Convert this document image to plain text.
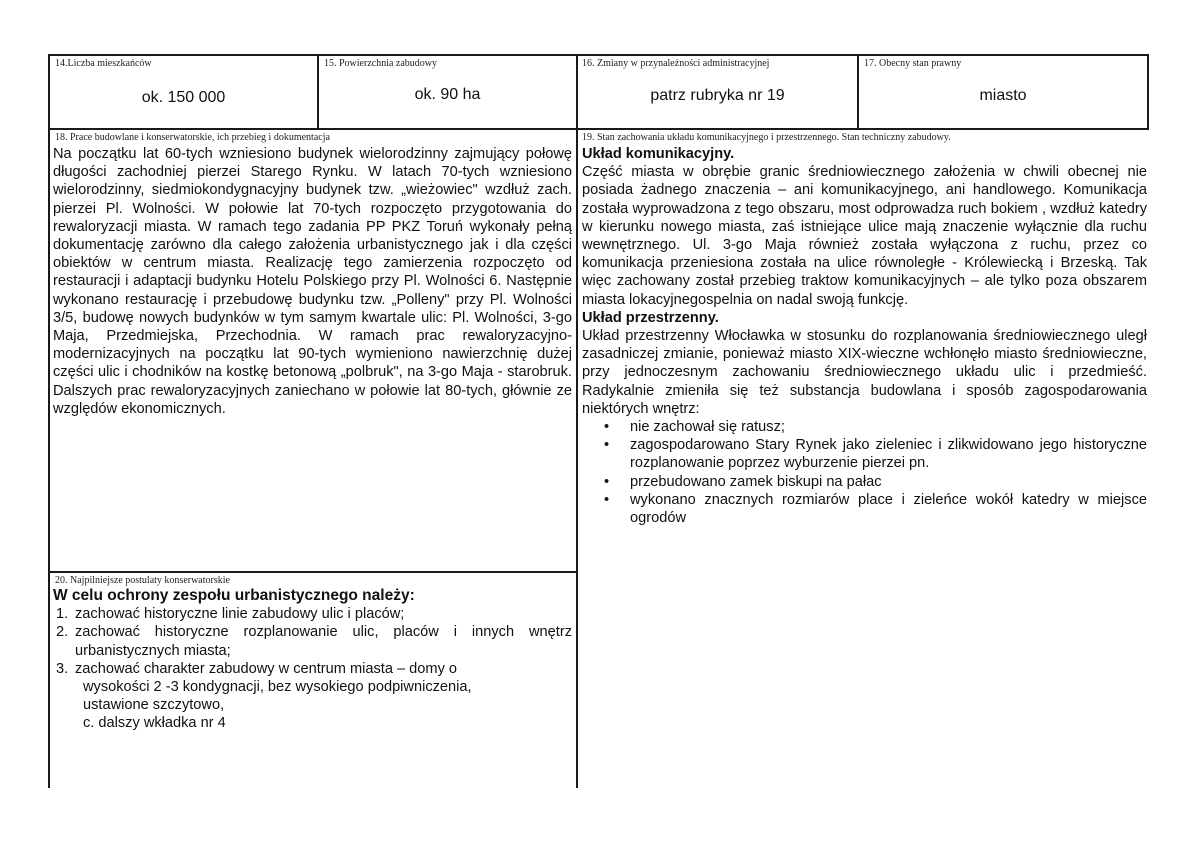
14.Liczba mieszkańców
ok. 150 000
15. Powierzchnia zabudowy
ok. 90 ha
16. Zmiany w przynależności administracyjnej
patrz rubryka nr 19
17. Obecny stan prawny
miasto
18. Prace budowlane i konserwatorskie, ich przebieg i dokumentacja

Na początku lat 60-tych wzniesiono budynek wielorodzinny zajmujący połowę długości zachodniej pierzei Starego Rynku. W latach 70-tych wzniesiono wielorodzinny, siedmiokondygnacyjny budynek tzw. „wieżowiec" wzdłuż zach. pierzei Pl. Wolności. W połowie lat 70-tych rozpoczęto przygotowania do rewaloryzacji miasta. W ramach tego zadania PP PKZ Toruń wykonały pełną dokumentację zarówno dla całego założenia urbanistycznego jak i dla części obiektów w centrum miasta. Realizację tego zamierzenia rozpoczęto od restauracji i adaptacji budynku Hotelu Polskiego przy Pl. Wolności 6. Następnie wykonano restaurację i przebudowę budynku tzw. „Polleny" przy Pl. Wolności 3/5, budowę nowych budynków w tym samym kwartale ulic: Pl. Wolności, 3-go Maja, Przedmiejska, Przechodnia. W ramach prac rewaloryzacyjno-modernizacyjnych na początku lat 90-tych wymieniono nawierzchnię dużej części ulic i chodników na kostkę betonową „polbruk", na 3-go Maja - starobruk. Dalszych prac rewaloryzacyjnych zaniechano w połowie lat 80-tych, głównie ze względów ekonomicznych.

19. Stan zachowania układu komunikacyjnego i przestrzennego. Stan techniczny zabudowy.
Układ komunikacyjny.

Część miasta w obrębie granic średniowiecznego założenia w chwili obecnej nie posiada żadnego znaczenia – ani komunikacyjnego, ani handlowego. Komunikacja została wyprowadzona z tego obszaru, most odprowadza ruch bokiem , wzdłuż katedry w kierunku nowego miasta, zaś istniejące ulice mają znaczenie wyłącznie dla ruchu wewnętrznego. Ul. 3-go Maja również została wyłączona z ruchu, przez co komunikacja przeniesiona została na ulice równoległe - Królewiecką i Brzeską. Tak więc zachowany został przebieg traktow komunikacyjnych – ale tylko poza obszarem miasta lokacyjnegospelnia on nadal swoją funkcję.

Układ przestrzenny.

Układ przestrzenny Włocławka w stosunku do rozplanowania średniowiecznego uległ zasadniczej zmianie, ponieważ miasto XIX-wieczne wchłonęło miasto średniowieczne, przy jednoczesnym zachowaniu średniowiecznego układu ulic i przedmieść. Radykalnie zmieniła się też substancja budowlana i sposób zagospodarowania niektórych wnętrz:

• nie zachował się ratusz;
• zagospodarowano Stary Rynek jako zieleniec i zlikwidowano jego historyczne rozplanowanie poprzez wyburzenie pierzei pn.
• przebudowano zamek biskupi na pałac
• wykonano znacznych rozmiarów place i zieleńce wokół katedry w miejsce ogrodów
20. Najpilniejsze postulaty konserwatorskie
W celu ochrony zespołu urbanistycznego należy:
1. zachować historyczne linie zabudowy ulic i placów;
2. zachować historyczne rozplanowanie ulic, placów i innych wnętrz urbanistycznych miasta;
3. zachować charakter zabudowy w centrum miasta – domy o
wysokości 2 -3 kondygnacji, bez wysokiego podpiwniczenia,
ustawione szczytowo,
c. dalszy wkładka nr 4
